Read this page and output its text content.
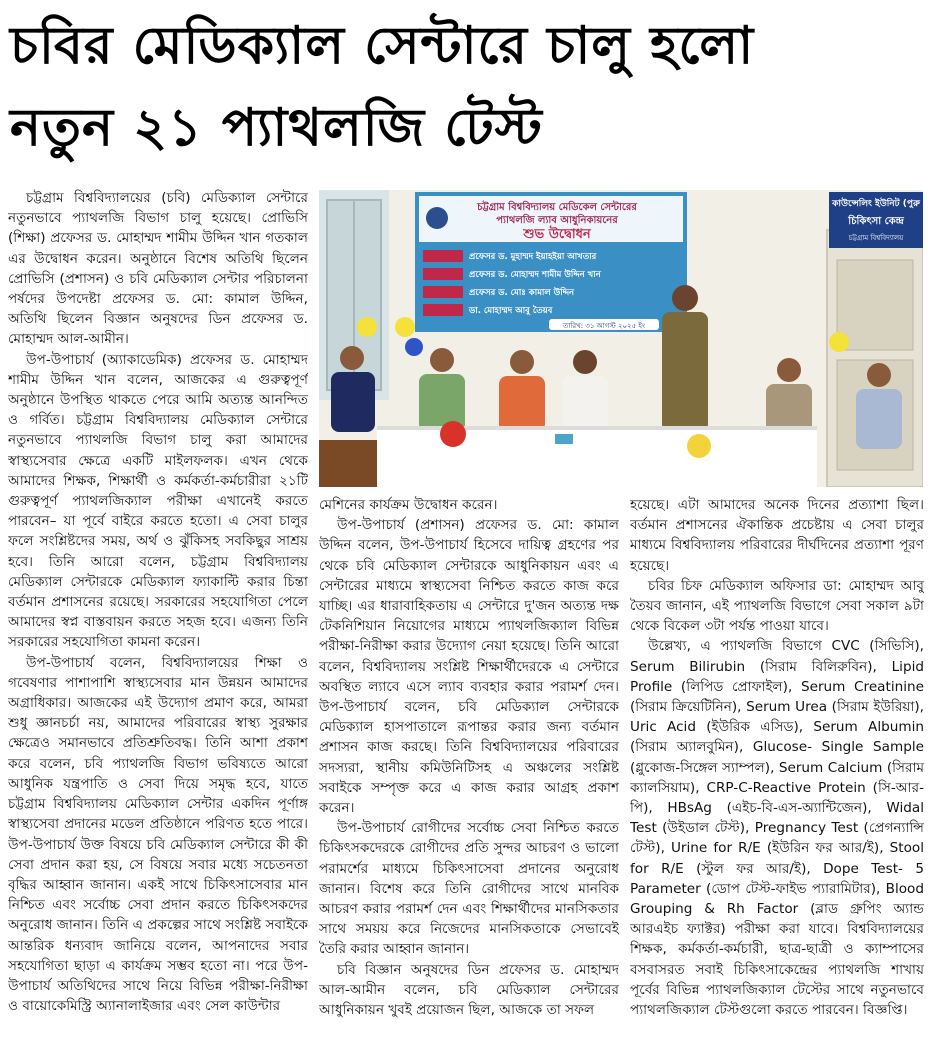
চবির মেডিক্যাল সেন্টারে চালু হলো
নতুন ২১ প্যাথলজি টেস্ট

চট্টগ্রাম বিশ্ববিদ্যালয়ের (চবি) মেডিক্যাল সেন্টারে নতুনভাবে প্যাথলজি বিভাগ চালু হয়েছে। প্রোভিসি (শিক্ষা) প্রফেসর ড. মোহাম্মদ শামীম উদ্দিন খান গতকাল এর উদ্বোধন করেন। অনুষ্ঠানে বিশেষ অতিথি ছিলেন প্রোভিসি (প্রশাসন) ও চবি মেডিক্যাল সেন্টার পরিচালনা পর্ষদের উপদেষ্টা প্রফেসর ড. মো: কামাল উদ্দিন, অতিথি ছিলেন বিজ্ঞান অনুষদের ডিন প্রফেসর ড. মোহাম্মদ আল-আমীন।

উপ-উপাচার্য (অ্যাকাডেমিক) প্রফেসর ড. মোহাম্মদ শামীম উদ্দিন খান বলেন, আজকের এ গুরুত্বপূর্ণ অনুষ্ঠানে উপস্থিত থাকতে পেরে আমি অত্যন্ত আনন্দিত ও গর্বিত। চট্টগ্রাম বিশ্ববিদ্যালয় মেডিক্যাল সেন্টারে নতুনভাবে প্যাথলজি বিভাগ চালু করা আমাদের স্বাস্থ্যসেবার ক্ষেত্রে একটি মাইলফলক। এখন থেকে আমাদের শিক্ষক, শিক্ষার্থী ও কর্মকর্তা-কর্মচারীরা ২১টি গুরুত্বপূর্ণ প্যাথলজিক্যাল পরীক্ষা এখানেই করতে পারবেন– যা পূর্বে বাইরে করতে হতো। এ সেবা চালুর ফলে সংশ্লিষ্টদের সময়, অর্থ ও ঝুঁকিসহ সবকিছুর সাশ্রয় হবে। তিনি আরো বলেন, চট্টগ্রাম বিশ্ববিদ্যালয় মেডিক্যাল সেন্টারকে মেডিক্যাল ফ্যাকাল্টি করার চিন্তা বর্তমান প্রশাসনের রয়েছে। সরকারের সহযোগিতা পেলে আমাদের স্বপ্ন বাস্তবায়ন করতে সহজ হবে। এজন্য তিনি সরকারের সহযোগিতা কামনা করেন।

উপ-উপাচার্য বলেন, বিশ্ববিদ্যালয়ের শিক্ষা ও গবেষণার পাশাপাশি স্বাস্থ্যসেবার মান উন্নয়ন আমাদের অগ্রাধিকার। আজকের এই উদ্যোগ প্রমাণ করে, আমরা শুধু জ্ঞানচর্চা নয়, আমাদের পরিবারের স্বাস্থ্য সুরক্ষার ক্ষেত্রেও সমানভাবে প্রতিশ্রুতিবদ্ধ। তিনি আশা প্রকাশ করে বলেন, চবি প্যাথলজি বিভাগ ভবিষ্যতে আরো আধুনিক যন্ত্রপাতি ও সেবা দিয়ে সমৃদ্ধ হবে, যাতে চট্টগ্রাম বিশ্ববিদ্যালয় মেডিক্যাল সেন্টার একদিন পূর্ণাঙ্গ স্বাস্থ্যসেবা প্রদানের মডেল প্রতিষ্ঠানে পরিণত হতে পারে। উপ-উপাচার্য উক্ত বিষয়ে চবি মেডিক্যাল সেন্টারে কী কী সেবা প্রদান করা হয়, সে বিষয়ে সবার মধ্যে সচেতনতা বৃদ্ধির আহ্বান জানান। একই সাথে চিকিৎসাসেবার মান নিশ্চিত এবং সর্বোচ্চ সেবা প্রদান করতে চিকিৎসকদের অনুরোধ জানান। তিনি এ প্রকল্পের সাথে সংশ্লিষ্ট সবাইকে আন্তরিক ধন্যবাদ জানিয়ে বলেন, আপনাদের সবার সহযোগিতা ছাড়া এ কার্যক্রম সম্ভব হতো না। পরে উপ-উপাচার্য অতিথিদের সাথে নিয়ে বিভিন্ন পরীক্ষা-নিরীক্ষা ও বায়োকেমিস্ট্রি অ্যানালাইজার এবং সেল কাউন্টার

কাউন্সেলিং ইউনিট (পুরু
চিকিৎসা কেন্দ্র
চট্টগ্রাম বিশ্ববিদ্যালয়
চট্টগ্রাম বিশ্ববিদ্যালয় মেডিকেল সেন্টারের
প্যাথলজি ল্যাব আধুনিকায়নের
শুভ উদ্বোধন
প্রফেসর ড. মুহাম্মদ ইয়াহইয়া আখতার
প্রফেসর ড. মোহাম্মদ শামীম উদ্দিন খান
প্রফেসর ড. মোঃ কামাল উদ্দিন
ডা. মোহাম্মদ আবু তৈয়ব
তারিখ: ৩১ আগস্ট ২০২৫ ইং

মেশিনের কার্যক্রম উদ্বোধন করেন।

উপ-উপাচার্য (প্রশাসন) প্রফেসর ড. মো: কামাল উদ্দিন বলেন, উপ-উপাচার্য হিসেবে দায়িত্ব গ্রহণের পর থেকে চবি মেডিক্যাল সেন্টারকে আধুনিকায়ন এবং এ সেন্টারের মাধ্যমে স্বাস্থ্যসেবা নিশ্চিত করতে কাজ করে যাচ্ছি। এর ধারাবাহিকতায় এ সেন্টারে দু'জন অত্যন্ত দক্ষ টেকনিশিয়ান নিয়োগের মাধ্যমে প্যাথলজিক্যাল বিভিন্ন পরীক্ষা-নিরীক্ষা করার উদ্যোগ নেয়া হয়েছে। তিনি আরো বলেন, বিশ্ববিদ্যালয় সংশ্লিষ্ট শিক্ষার্থীদেরকে এ সেন্টারে অবস্থিত ল্যাবে এসে ল্যাব ব্যবহার করার পরামর্শ দেন। উপ-উপাচার্য বলেন, চবি মেডিক্যাল সেন্টারকে মেডিক্যাল হাসপাতালে রূপান্তর করার জন্য বর্তমান প্রশাসন কাজ করছে। তিনি বিশ্ববিদ্যালয়ের পরিবারের সদস্যরা, স্থানীয় কমিউনিটিসহ এ অঞ্চলের সংশ্লিষ্ট সবাইকে সম্পৃক্ত করে এ কাজ করার আগ্রহ প্রকাশ করেন।

উপ-উপাচার্য রোগীদের সর্বোচ্চ সেবা নিশ্চিত করতে চিকিৎসকদেরকে রোগীদের প্রতি সুন্দর আচরণ ও ভালো পরামর্শের মাধ্যমে চিকিৎসাসেবা প্রদানের অনুরোধ জানান। বিশেষ করে তিনি রোগীদের সাথে মানবিক আচরণ করার পরামর্শ দেন এবং শিক্ষার্থীদের মানসিকতার সাথে সময়য় করে নিজেদের মানসিকতাকে সেভাবেই তৈরি করার আহ্বান জানান।

চবি বিজ্ঞান অনুষদের ডিন প্রফেসর ড. মোহাম্মদ আল-আমীন বলেন, চবি মেডিক্যাল সেন্টারের আধুনিকায়ন খুবই প্রয়োজন ছিল, আজকে তা সফল

হয়েছে। এটা আমাদের অনেক দিনের প্রত্যাশা ছিল। বর্তমান প্রশাসনের ঐকান্তিক প্রচেষ্টায় এ সেবা চালুর মাধ্যমে বিশ্ববিদ্যালয় পরিবারের দীর্ঘদিনের প্রত্যাশা পূরণ হয়েছে।

চবির চিফ মেডিক্যাল অফিসার ডা: মোহাম্মদ আবু তৈয়ব জানান, এই প্যাথলজি বিভাগে সেবা সকাল ৯টা থেকে বিকেল ৩টা পর্যন্ত পাওয়া যাবে।

উল্লেখ্য, এ প্যাথলজি বিভাগে CVC (সিভিসি), Serum Bilirubin (সিরাম বিলিরুবিন), Lipid Profile (লিপিড প্রোফাইল), Serum Creatinine (সিরাম ক্রিয়েটিনিন), Serum Urea (সিরাম ইউরিয়া), Uric Acid (ইউরিক এসিড), Serum Albumin (সিরাম অ্যালবুমিন), Glucose- Single Sample (গ্লুকোজ-সিঙ্গেল স্যাম্পল), Serum Calcium (সিরাম ক্যালসিয়াম), CRP-C-Reactive Protein (সি-আর-পি), HBsAg (এইচ-বি-এস-অ্যান্টিজেন), Widal Test (উইডাল টেস্ট), Pregnancy Test (প্রেগন্যান্সি টেস্ট), Urine for R/E (ইউরিন ফর আর/ই), Stool for R/E (স্টুল ফর আর/ই), Dope Test- 5 Parameter (ডোপ টেস্ট-ফাইভ প্যারামিটার), Blood Grouping & Rh Factor (ব্লাড গ্রুপিং অ্যান্ড আরএইচ ফ্যাক্টর) পরীক্ষা করা যাবে। বিশ্ববিদ্যালয়ের শিক্ষক, কর্মকর্তা-কর্মচারী, ছাত্র-ছাত্রী ও ক্যাম্পাসের বসবাসরত সবাই চিকিৎসাকেন্দ্রের প্যাথলজি শাখায় পূর্বের বিভিন্ন প্যাথলজিক্যাল টেস্টের সাথে নতুনভাবে প্যাথলজিক্যাল টেস্টগুলো করতে পারবেন। বিজ্ঞপ্তি।
